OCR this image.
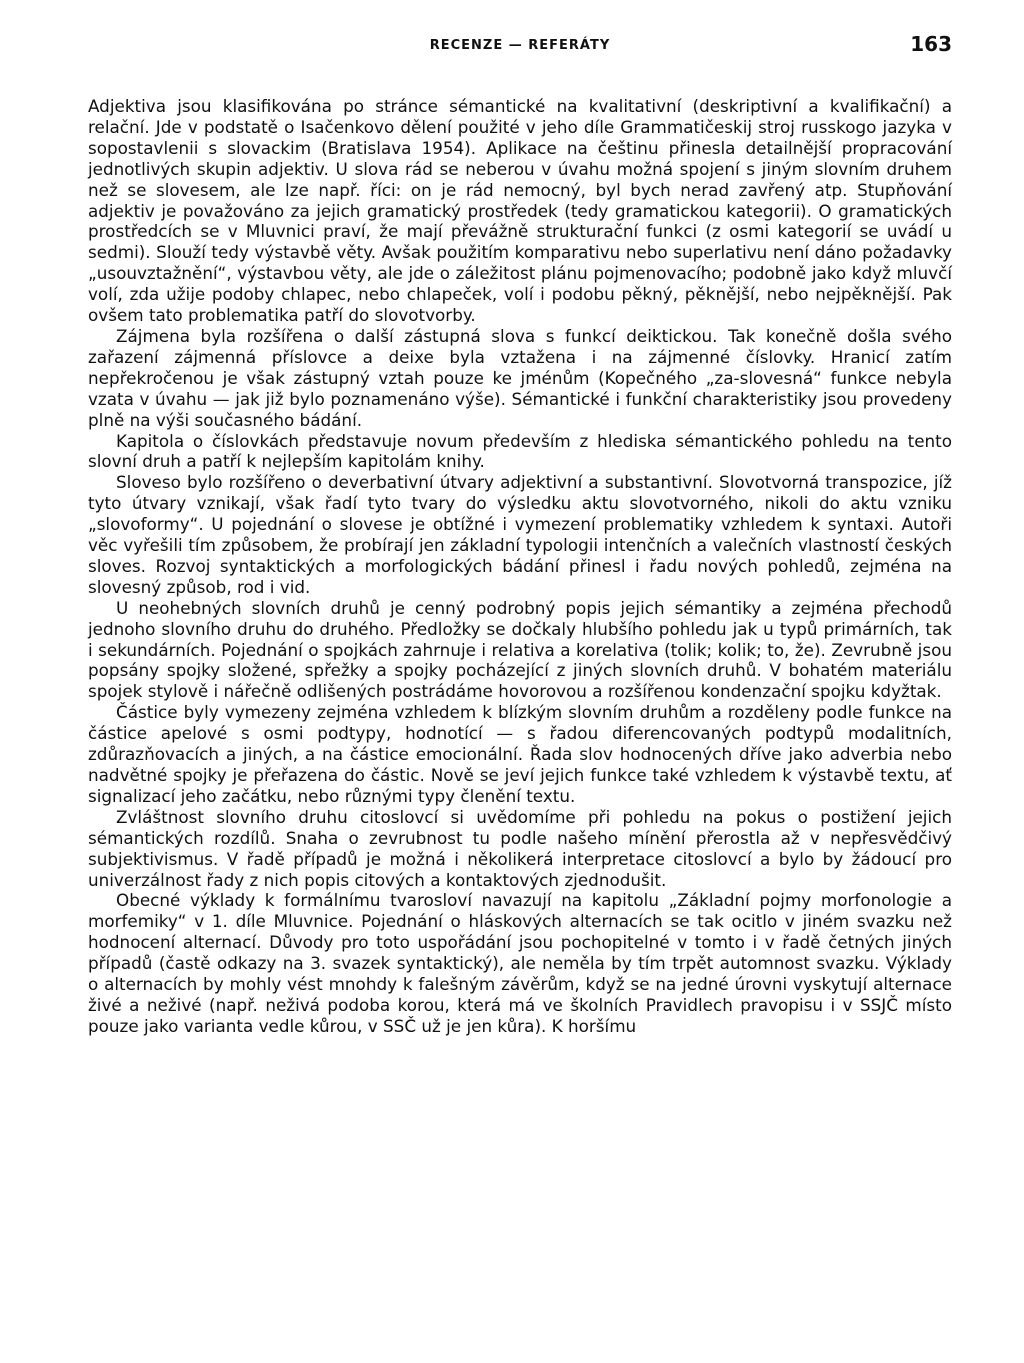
RECENZE — REFERÁTY	163

Adjektiva jsou klasifikována po stránce sémantické na kvalitativní (deskriptivní a kvalifikační) a relační. Jde v podstatě o Isačenkovo dělení použité v jeho díle Grammatičeskij stroj russkogo jazyka v sopostavlenii s slovackim (Bratislava 1954). Aplikace na češtinu přinesla detailnější propracování jednotlivých skupin adjektiv. U slova rád se neberou v úvahu možná spojení s jiným slovním druhem než se slovesem, ale lze např. říci: on je rád nemocný, byl bych nerad zavřený atp. Stupňování adjektiv je považováno za jejich gramatický prostředek (tedy gramatickou kategorii). O gramatických prostředcích se v Mluvnici praví, že mají převážně strukturační funkci (z osmi kategorií se uvádí u sedmi). Slouží tedy výstavbě věty. Avšak použitím komparativu nebo superlativu není dáno požadavky „usouvztažnění“, výstavbou věty, ale jde o záležitost plánu pojmenovacího; podobně jako když mluvčí volí, zda užije podoby chlapec, nebo chlapeček, volí i podobu pěkný, pěknější, nebo nejpěknější. Pak ovšem tato problematika patří do slovotvorby.

Zájmena byla rozšířena o další zástupná slova s funkcí deiktickou. Tak konečně došla svého zařazení zájmenná příslovce a deixe byla vztažena i na zájmenné číslovky. Hranicí zatím nepřekročenou je však zástupný vztah pouze ke jménům (Kopečného „za-slovesná“ funkce nebyla vzata v úvahu — jak již bylo poznamenáno výše). Sémantické i funkční charakteristiky jsou provedeny plně na výši současného bádání.

Kapitola o číslovkách představuje novum především z hlediska sémantického pohledu na tento slovní druh a patří k nejlepším kapitolám knihy.

Sloveso bylo rozšířeno o deverbativní útvary adjektivní a substantivní. Slovotvorná transpozice, jíž tyto útvary vznikají, však řadí tyto tvary do výsledku aktu slovotvorného, nikoli do aktu vzniku „slovoformy“. U pojednání o slovese je obtížné i vymezení problematiky vzhledem k syntaxi. Autoři věc vyřešili tím způsobem, že probírají jen základní typologii intenčních a valečních vlastností českých sloves. Rozvoj syntaktických a morfologických bádání přinesl i řadu nových pohledů, zejména na slovesný způsob, rod i vid.

U neohebných slovních druhů je cenný podrobný popis jejich sémantiky a zejména přechodů jednoho slovního druhu do druhého. Předložky se dočkaly hlubšího pohledu jak u typů primárních, tak i sekundárních. Pojednání o spojkách zahrnuje i relativa a korelativa (tolik; kolik; to, že). Zevrubně jsou popsány spojky složené, spřežky a spojky pocházející z jiných slovních druhů. V bohatém materiálu spojek stylově i nářečně odlišených postrádáme hovorovou a rozšířenou kondenzační spojku kdyžtak.

Částice byly vymezeny zejména vzhledem k blízkým slovním druhům a rozděleny podle funkce na částice apelové s osmi podtypy, hodnotící — s řadou diferencovaných podtypů modalitních, zdůrazňovacích a jiných, a na částice emocionální. Řada slov hodnocených dříve jako adverbia nebo nadvětné spojky je přeřazena do částic. Nově se jeví jejich funkce také vzhledem k výstavbě textu, ať signalizací jeho začátku, nebo různými typy členění textu.

Zvláštnost slovního druhu citoslovcí si uvědomíme při pohledu na pokus o postižení jejich sémantických rozdílů. Snaha o zevrubnost tu podle našeho mínění přerostla až v nepřesvědčivý subjektivismus. V řadě případů je možná i několikerá interpretace citoslovcí a bylo by žádoucí pro univerzálnost řady z nich popis citových a kontaktových zjednodušit.

Obecné výklady k formálnímu tvarosloví navazují na kapitolu „Základní pojmy morfonologie a morfemiky“ v 1. díle Mluvnice. Pojednání o hláskových alternacích se tak ocitlo v jiném svazku než hodnocení alternací. Důvody pro toto uspořádání jsou pochopitelné v tomto i v řadě četných jiných případů (častě odkazy na 3. svazek syntaktický), ale neměla by tím trpět automnost svazku. Výklady o alternacích by mohly vést mnohdy k falešným závěrům, když se na jedné úrovni vyskytují alternace živé a neživé (např. neživá podoba korou, která má ve školních Pravidlech pravopisu i v SSJČ místo pouze jako varianta vedle kůrou, v SSČ už je jen kůra). K horšímu
